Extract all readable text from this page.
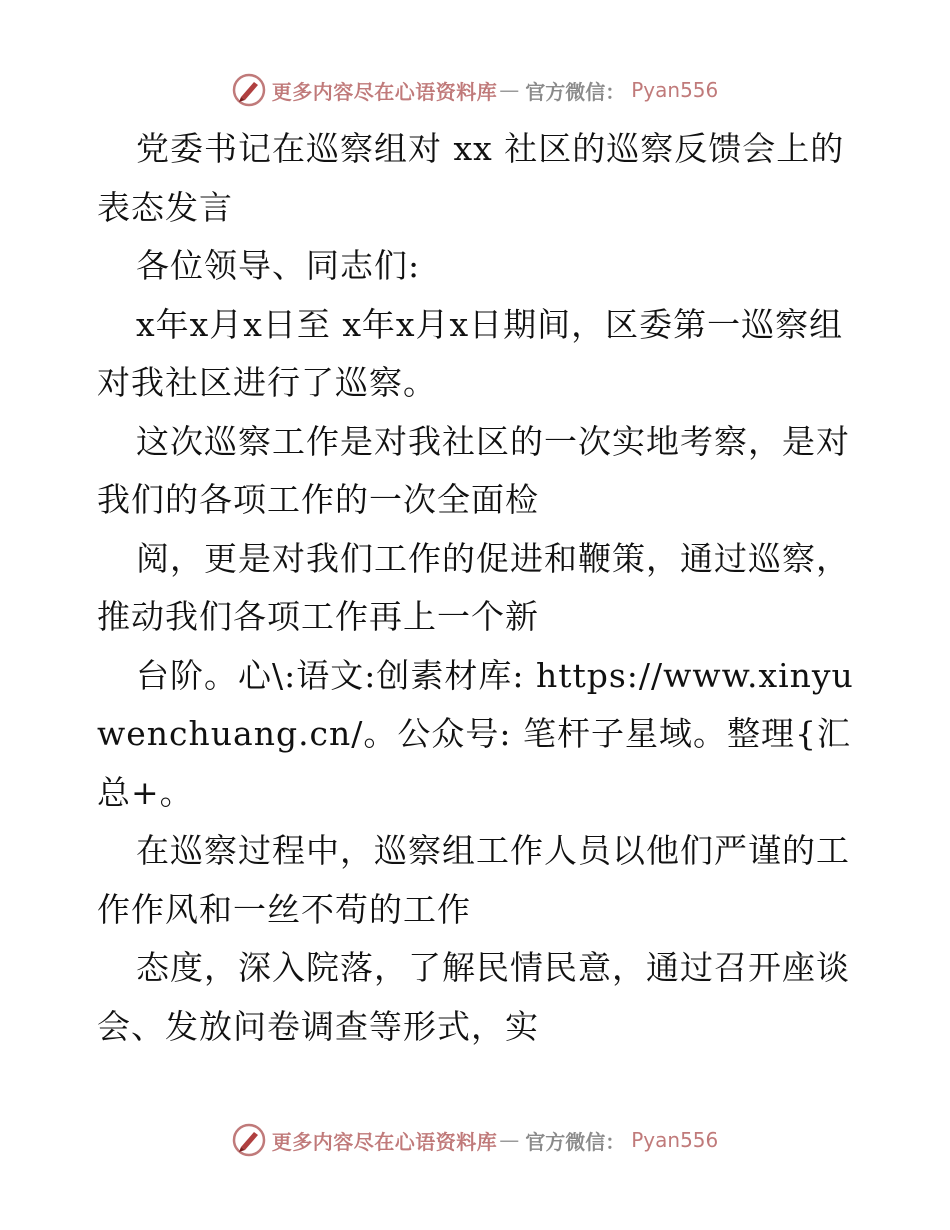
更多内容尽在心语资料库 — 官方微信： Pyan556

党委书记在巡察组对 xx 社区的巡察反馈会上的表态发言

各位领导、同志们:

x年x月x日至 x年x月x日期间，区委第一巡察组对我社区进行了巡察。

这次巡察工作是对我社区的一次实地考察，是对我们的各项工作的一次全面检

阅，更是对我们工作的促进和鞭策，通过巡察，推动我们各项工作再上一个新

台阶。心\:语文:创素材库: https://www.xinyuwenchuang.cn/。公众号: 笔杆子星域。整理{汇总+。

在巡察过程中，巡察组工作人员以他们严谨的工作作风和一丝不苟的工作

态度，深入院落，了解民情民意，通过召开座谈会、发放问卷调查等形式，实

更多内容尽在心语资料库 — 官方微信： Pyan556
